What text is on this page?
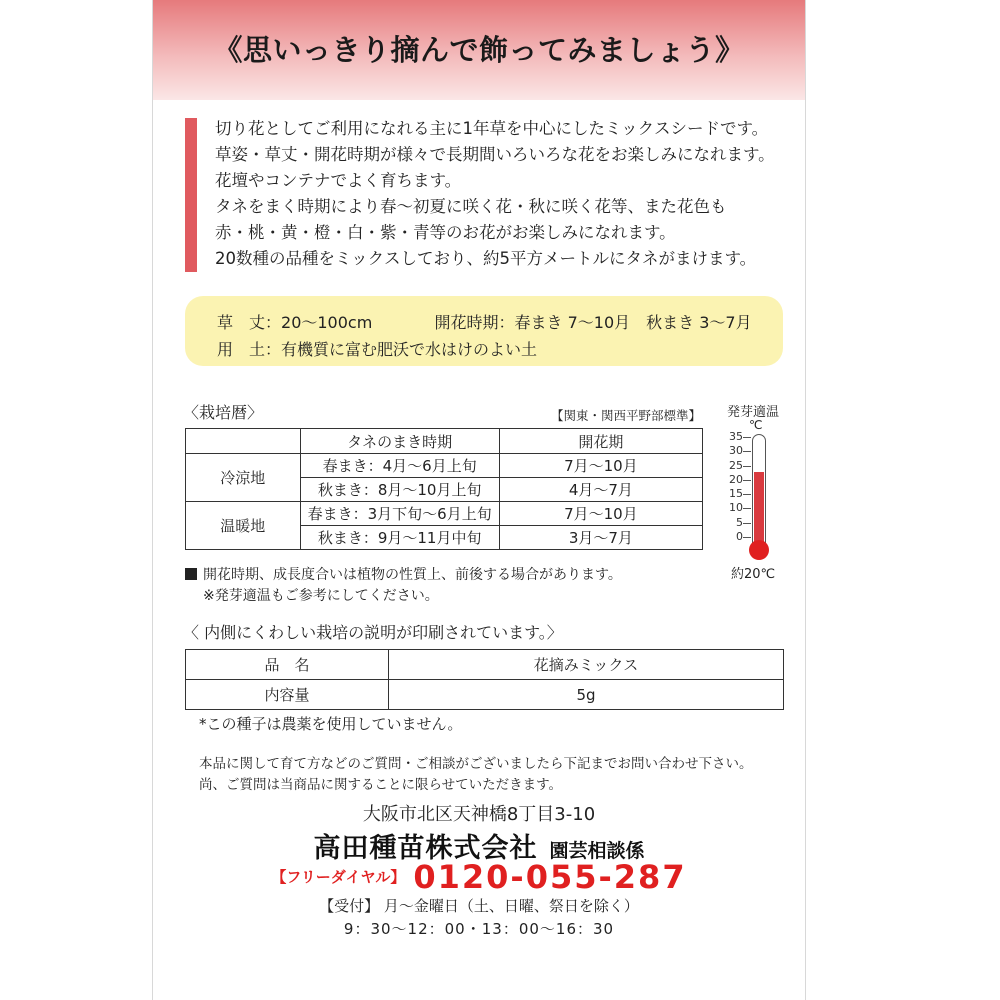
《思いっきり摘んで飾ってみましょう》
切り花としてご利用になれる主に1年草を中心にしたミックスシードです。
草姿・草丈・開花時期が様々で長期間いろいろな花をお楽しみになれます。
花壇やコンテナでよく育ちます。
タネをまく時期により春～初夏に咲く花・秋に咲く花等、また花色も
赤・桃・黄・橙・白・紫・青等のお花がお楽しみになれます。
20数種の品種をミックスしており、約5平方メートルにタネがまけます。
草　丈：20～100cm	開花時期：春まき 7～10月　秋まき 3～7月
用　土：有機質に富む肥沃で水はけのよい土
〈栽培暦〉	【関東・関西平野部標準】
	タネのまき時期	開花期
冷涼地	春まき：4月～6月上旬	7月～10月
	秋まき：8月～10月上旬	4月～7月
温暖地	春まき：3月下旬～6月上旬	7月～10月
	秋まき：9月～11月中旬	3月～7月
発芽適温
℃
35
30
25
20
15
10
5
0
約20℃
開花時期、成長度合いは植物の性質上、前後する場合があります。
※発芽適温もご参考にしてください。
〈 内側にくわしい栽培の説明が印刷されています。〉
品　名	花摘みミックス
内容量	5g
*この種子は農薬を使用していません。
本品に関して育て方などのご質問・ご相談がございましたら下記までお問い合わせ下さい。
尚、ご質問は当商品に関することに限らせていただきます。
大阪市北区天神橋8丁目3-10
高田種苗株式会社 園芸相談係
【フリーダイヤル】 0120-055-287
【受付】 月～金曜日（土、日曜、祭日を除く）
9：30～12：00・13：00～16：30
